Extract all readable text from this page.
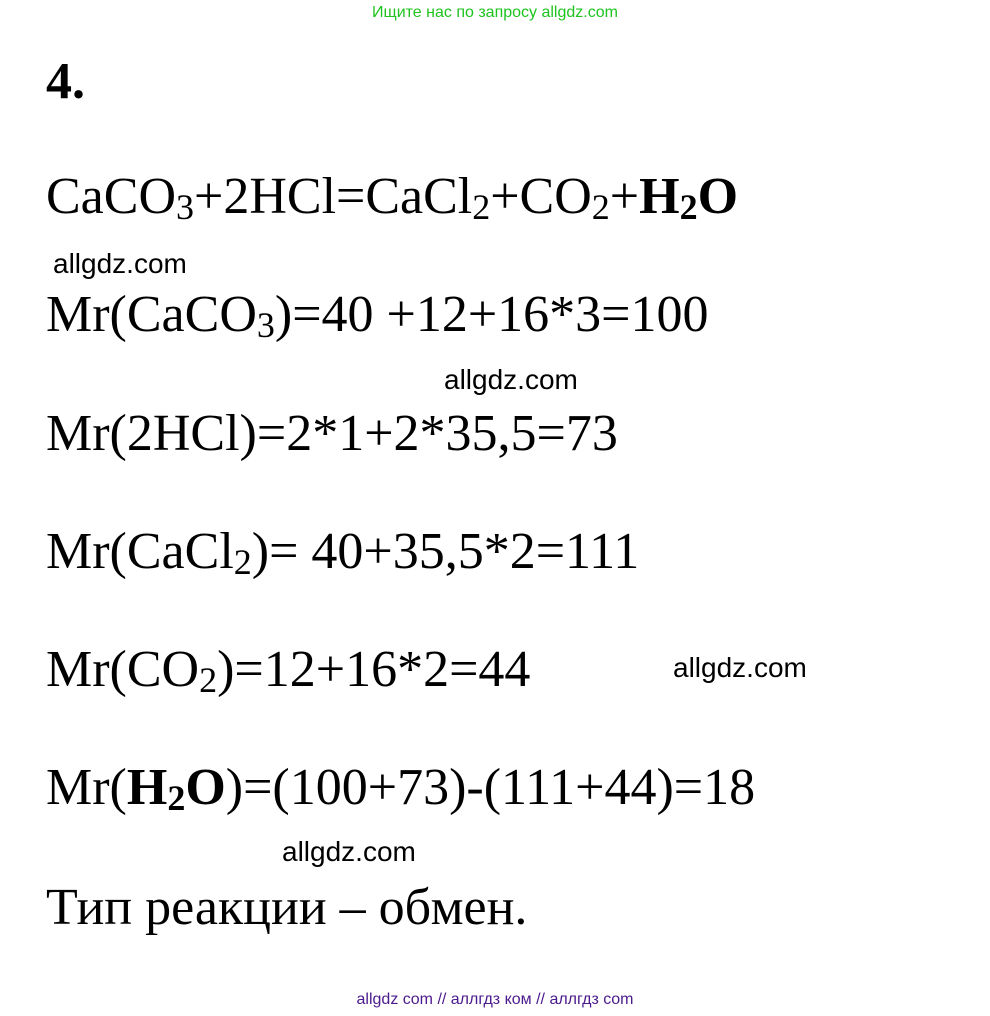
Ищите нас по запросу allgdz.com
4.
$CaCO_3+2HCl=CaCl_2+CO_2+H_2O$
allgdz.com
Mr(CaCO$_3$)=40 +12+16*3=100
allgdz.com
Mr(2HCl)=2*1+2*35,5=73
Mr(CaCl$_2$)= 40+35,5*2=111
$Mr(CO_2)=12+16*2=44$	allgdz.com
$Mr(H_2O)=(100+73)-(111+44)=18$
allgdz.com
Тип реакции – обмен.
allgdz com // аллгдз ком // аллгдз com
